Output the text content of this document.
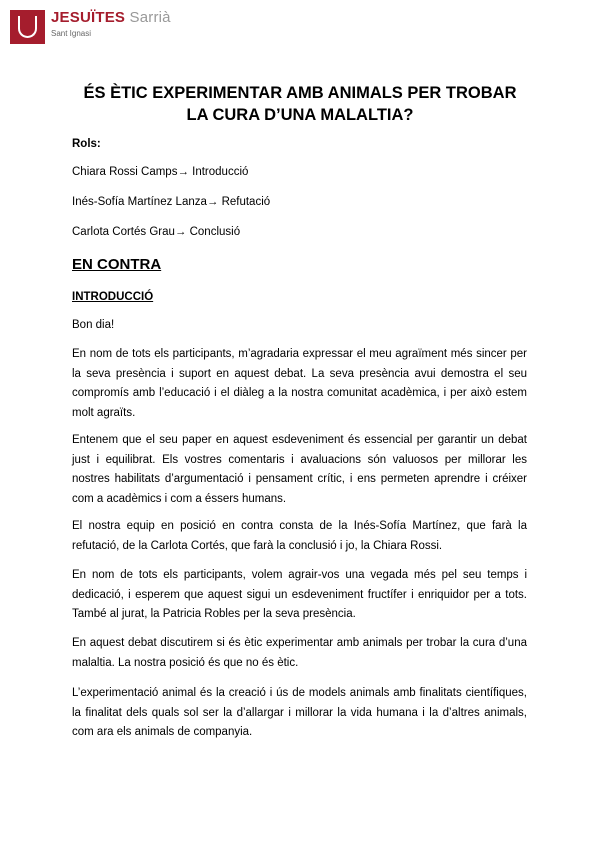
JESUÏTES Sarrià
Sant Ignasi
ÉS ÈTIC EXPERIMENTAR AMB ANIMALS PER TROBAR
LA CURA D’UNA MALALTIA?
Rols:
Chiara Rossi Camps→ Introducció
Inés-Sofía Martínez Lanza→ Refutació
Carlota Cortés Grau→ Conclusió
EN CONTRA
INTRODUCCIÓ
Bon dia!
En nom de tots els participants, m’agradaria expressar el meu agraïment més sincer per la seva presència i suport en aquest debat. La seva presència avui demostra el seu compromís amb l’educació i el diàleg a la nostra comunitat acadèmica, i per això estem molt agraïts.
Entenem que el seu paper en aquest esdeveniment és essencial per garantir un debat just i equilibrat. Els vostres comentaris i avaluacions són valuosos per millorar les nostres habilitats d’argumentació i pensament crític, i ens permeten aprendre i créixer com a acadèmics i com a éssers humans.
El nostra equip en posició en contra consta de la Inés-Sofía Martínez, que farà la refutació, de la Carlota Cortés, que farà la conclusió i jo, la Chiara Rossi.
En nom de tots els participants, volem agrair-vos una vegada més pel seu temps i dedicació, i esperem que aquest sigui un esdeveniment fructífer i enriquidor per a tots. També al jurat, la Patricia Robles per la seva presència.
En aquest debat discutirem si és ètic experimentar amb animals per trobar la cura d’una malaltia. La nostra posició és que no és ètic.
L’experimentació animal és la creació i ús de models animals amb finalitats científiques, la finalitat dels quals sol ser la d’allargar i millorar la vida humana i la d’altres animals, com ara els animals de companyia.
